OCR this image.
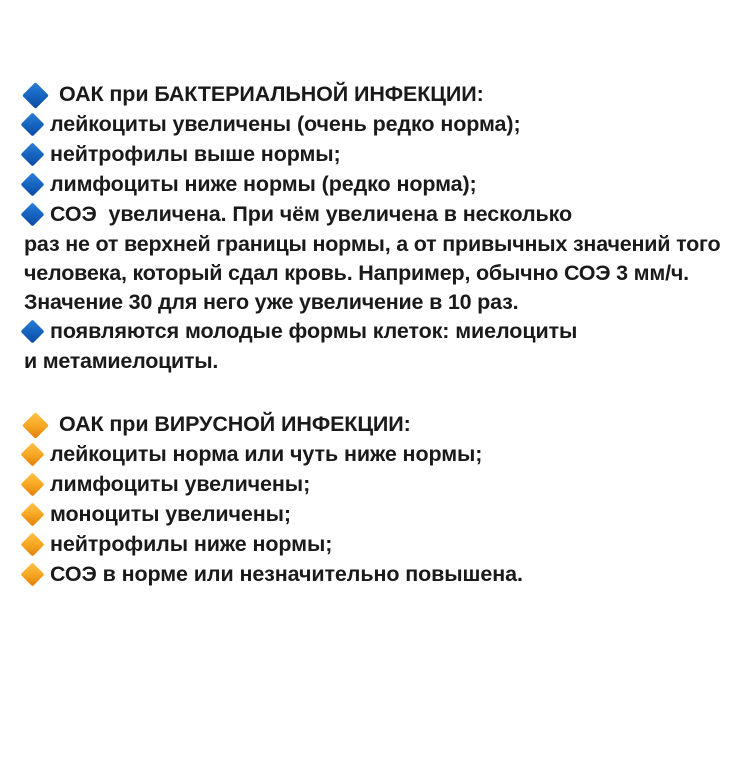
ОАК при БАКТЕРИАЛЬНОЙ ИНФЕКЦИИ:
лейкоциты увеличены (очень редко норма);
нейтрофилы выше нормы;
лимфоциты ниже нормы (редко норма);
СОЭ  увеличена. При чём увеличена в несколько
раз не от верхней границы нормы, а от привычных значений того человека, который сдал кровь. Например, обычно СОЭ 3 мм/ч. Значение 30 для него уже увеличение в 10 раз.
появляются молодые формы клеток: миелоциты
и метамиелоциты.
ОАК при ВИРУСНОЙ ИНФЕКЦИИ:
лейкоциты норма или чуть ниже нормы;
лимфоциты увеличены;
моноциты увеличены;
нейтрофилы ниже нормы;
СОЭ в норме или незначительно повышена.
